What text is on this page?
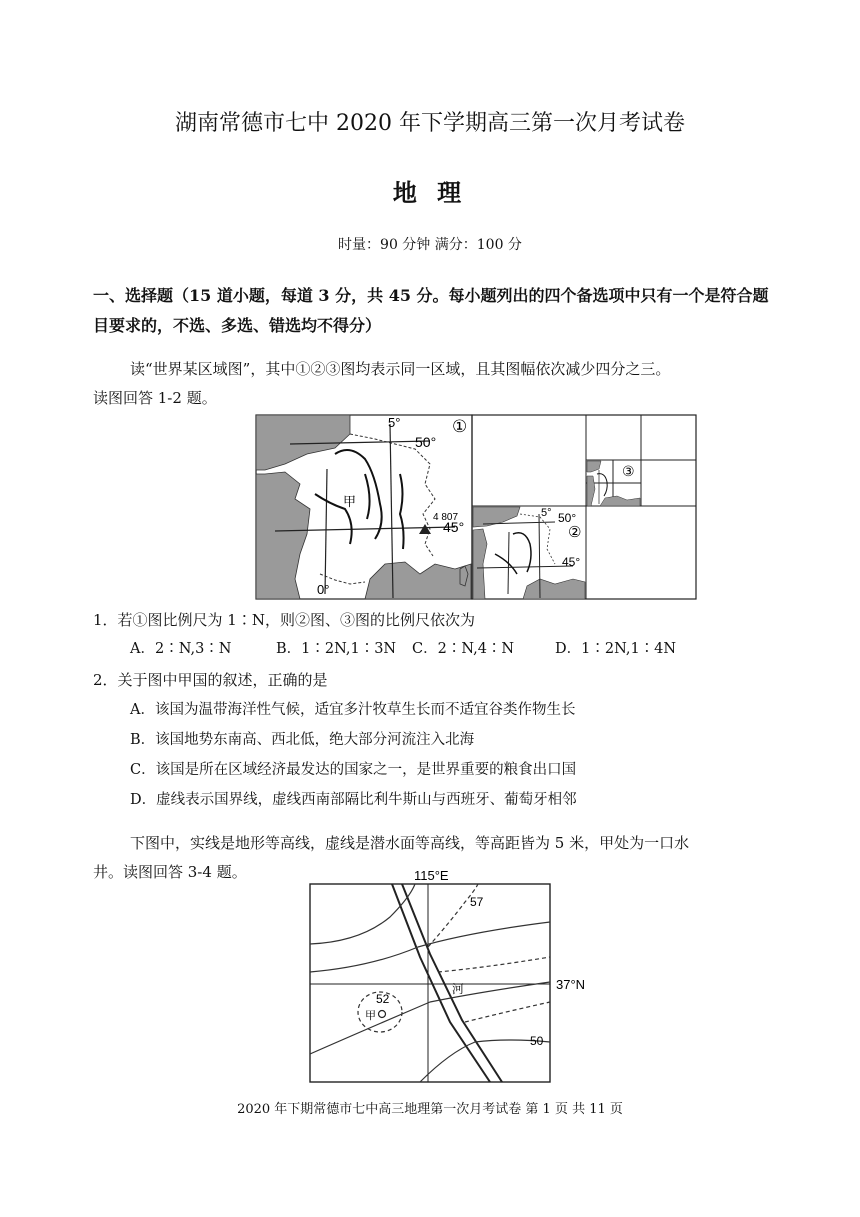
湖南常德市七中 2020 年下学期高三第一次月考试卷
地 理
时量：90 分钟 满分：100 分
一、选择题（15 道小题，每道 3 分，共 45 分。每小题列出的四个备选项中只有一个是符合题目要求的，不选、多选、错选均不得分）
读“世界某区域图”，其中①②③图均表示同一区域，且其图幅依次减少四分之三。
读图回答 1-2 题。
5°
50°
①
甲
4 807
45°
0°
5° 50°
②
45°
③
1．若①图比例尺为 1∶N，则②图、③图的比例尺依次为
A．2∶N,3∶N	B．1∶2N,1∶3N C．2∶N,4∶N	D．1∶2N,1∶4N
2．关于图中甲国的叙述，正确的是
A．该国为温带海洋性气候，适宜多汁牧草生长而不适宜谷类作物生长
B．该国地势东南高、西北低，绝大部分河流注入北海
C．该国是所在区域经济最发达的国家之一，是世界重要的粮食出口国
D．虚线表示国界线，虚线西南部隔比利牛斯山与西班牙、葡萄牙相邻
下图中，实线是地形等高线，虚线是潜水面等高线，等高距皆为 5 米，甲处为一口水
井。读图回答 3-4 题。	115°E
57
37°N
52
甲
河
50
2020 年下期常德市七中高三地理第一次月考试卷 第 1 页 共 11 页
